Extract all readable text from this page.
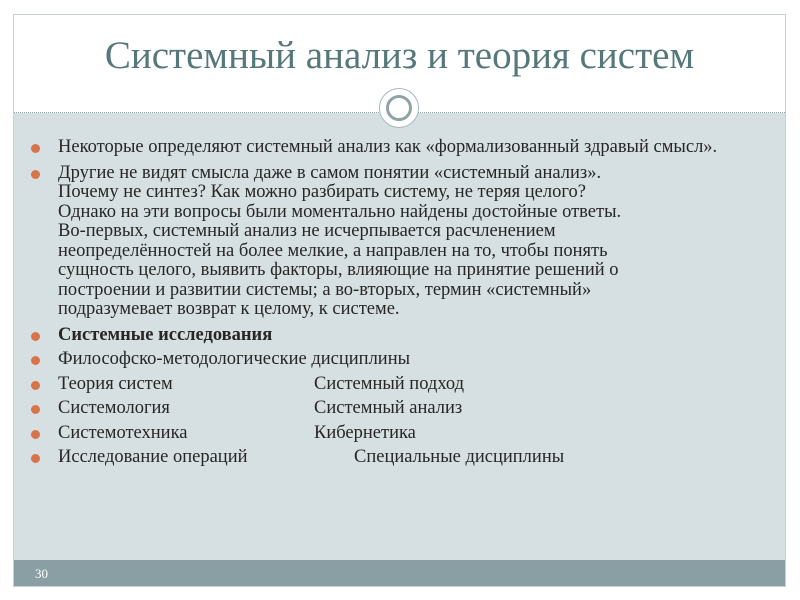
Системный анализ и теория систем
Некоторые определяют системный анализ как «формализованный здравый смысл».
Другие не видят смысла даже в самом понятии «системный анализ».
Почему не синтез? Как можно разбирать систему, не теряя целого?
Однако на эти вопросы были моментально найдены достойные ответы.
Во-первых, системный анализ не исчерпывается расчленением
неопределённостей на более мелкие, а направлен на то, чтобы понять
сущность целого, выявить факторы, влияющие на принятие решений о
построении и развитии системы; а во-вторых, термин «системный»
подразумевает возврат к целому, к системе.
Системные исследования
Философско-методологические дисциплины
Теория систем	Системный подход
Системология	Системный анализ
Системотехника	Кибернетика
Исследование операций	Специальные дисциплины
30
